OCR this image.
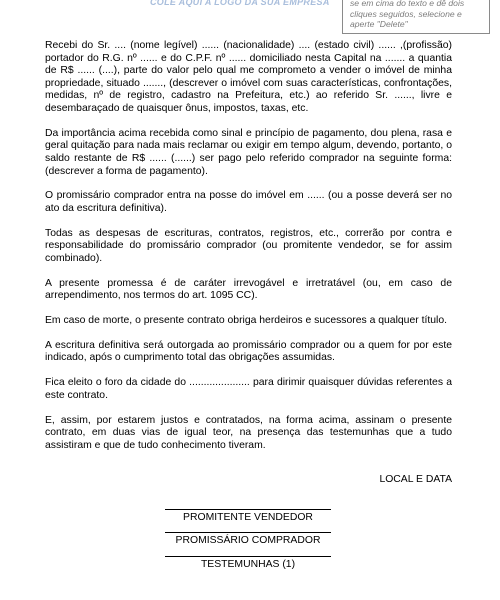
COLE AQUI A LOGO DA SUA EMPRESA	se em cima do texto e dê dois cliques seguidos, selecione e aperte "Delete"

Recebi do Sr. .... (nome legível) ...... (nacionalidade) .... (estado civil) ...... ,(profissão) portador do R.G. nº ...... e do C.P.F. nº ...... domiciliado nesta Capital na ....... a quantia de R$ ...... (....), parte do valor pelo qual me comprometo a vender o imóvel de minha propriedade, situado ......., (descrever o imóvel com suas características, confrontações, medidas, nº de registro, cadastro na Prefeitura, etc.) ao referido Sr. ......, livre e desembaraçado de quaisquer ônus, impostos, taxas, etc.

Da importância acima recebida como sinal e princípio de pagamento, dou plena, rasa e geral quitação para nada mais reclamar ou exigir em tempo algum, devendo, portanto, o saldo restante de R$ ...... (......) ser pago pelo referido comprador na seguinte forma: (descrever a forma de pagamento).

O promissário comprador entra na posse do imóvel em ...... (ou a posse deverá ser no ato da escritura definitiva).

Todas as despesas de escrituras, contratos, registros, etc., correrão por contra e responsabilidade do promissário comprador (ou promitente vendedor, se for assim combinado).

A presente promessa é de caráter irrevogável e irretratável (ou, em caso de arrependimento, nos termos do art. 1095 CC).

Em caso de morte, o presente contrato obriga herdeiros e sucessores a qualquer título.

A escritura definitiva será outorgada ao promissário comprador ou a quem for por este indicado, após o cumprimento total das obrigações assumidas.

Fica eleito o foro da cidade do ..................... para dirimir quaisquer dúvidas referentes a este contrato.

E, assim, por estarem justos e contratados, na forma acima, assinam o presente contrato, em duas vias de igual teor, na presença das testemunhas que a tudo assistiram e que de tudo conhecimento tiveram.

LOCAL E DATA
PROMITENTE VENDEDOR
PROMISSÁRIO COMPRADOR
TESTEMUNHAS (1)
